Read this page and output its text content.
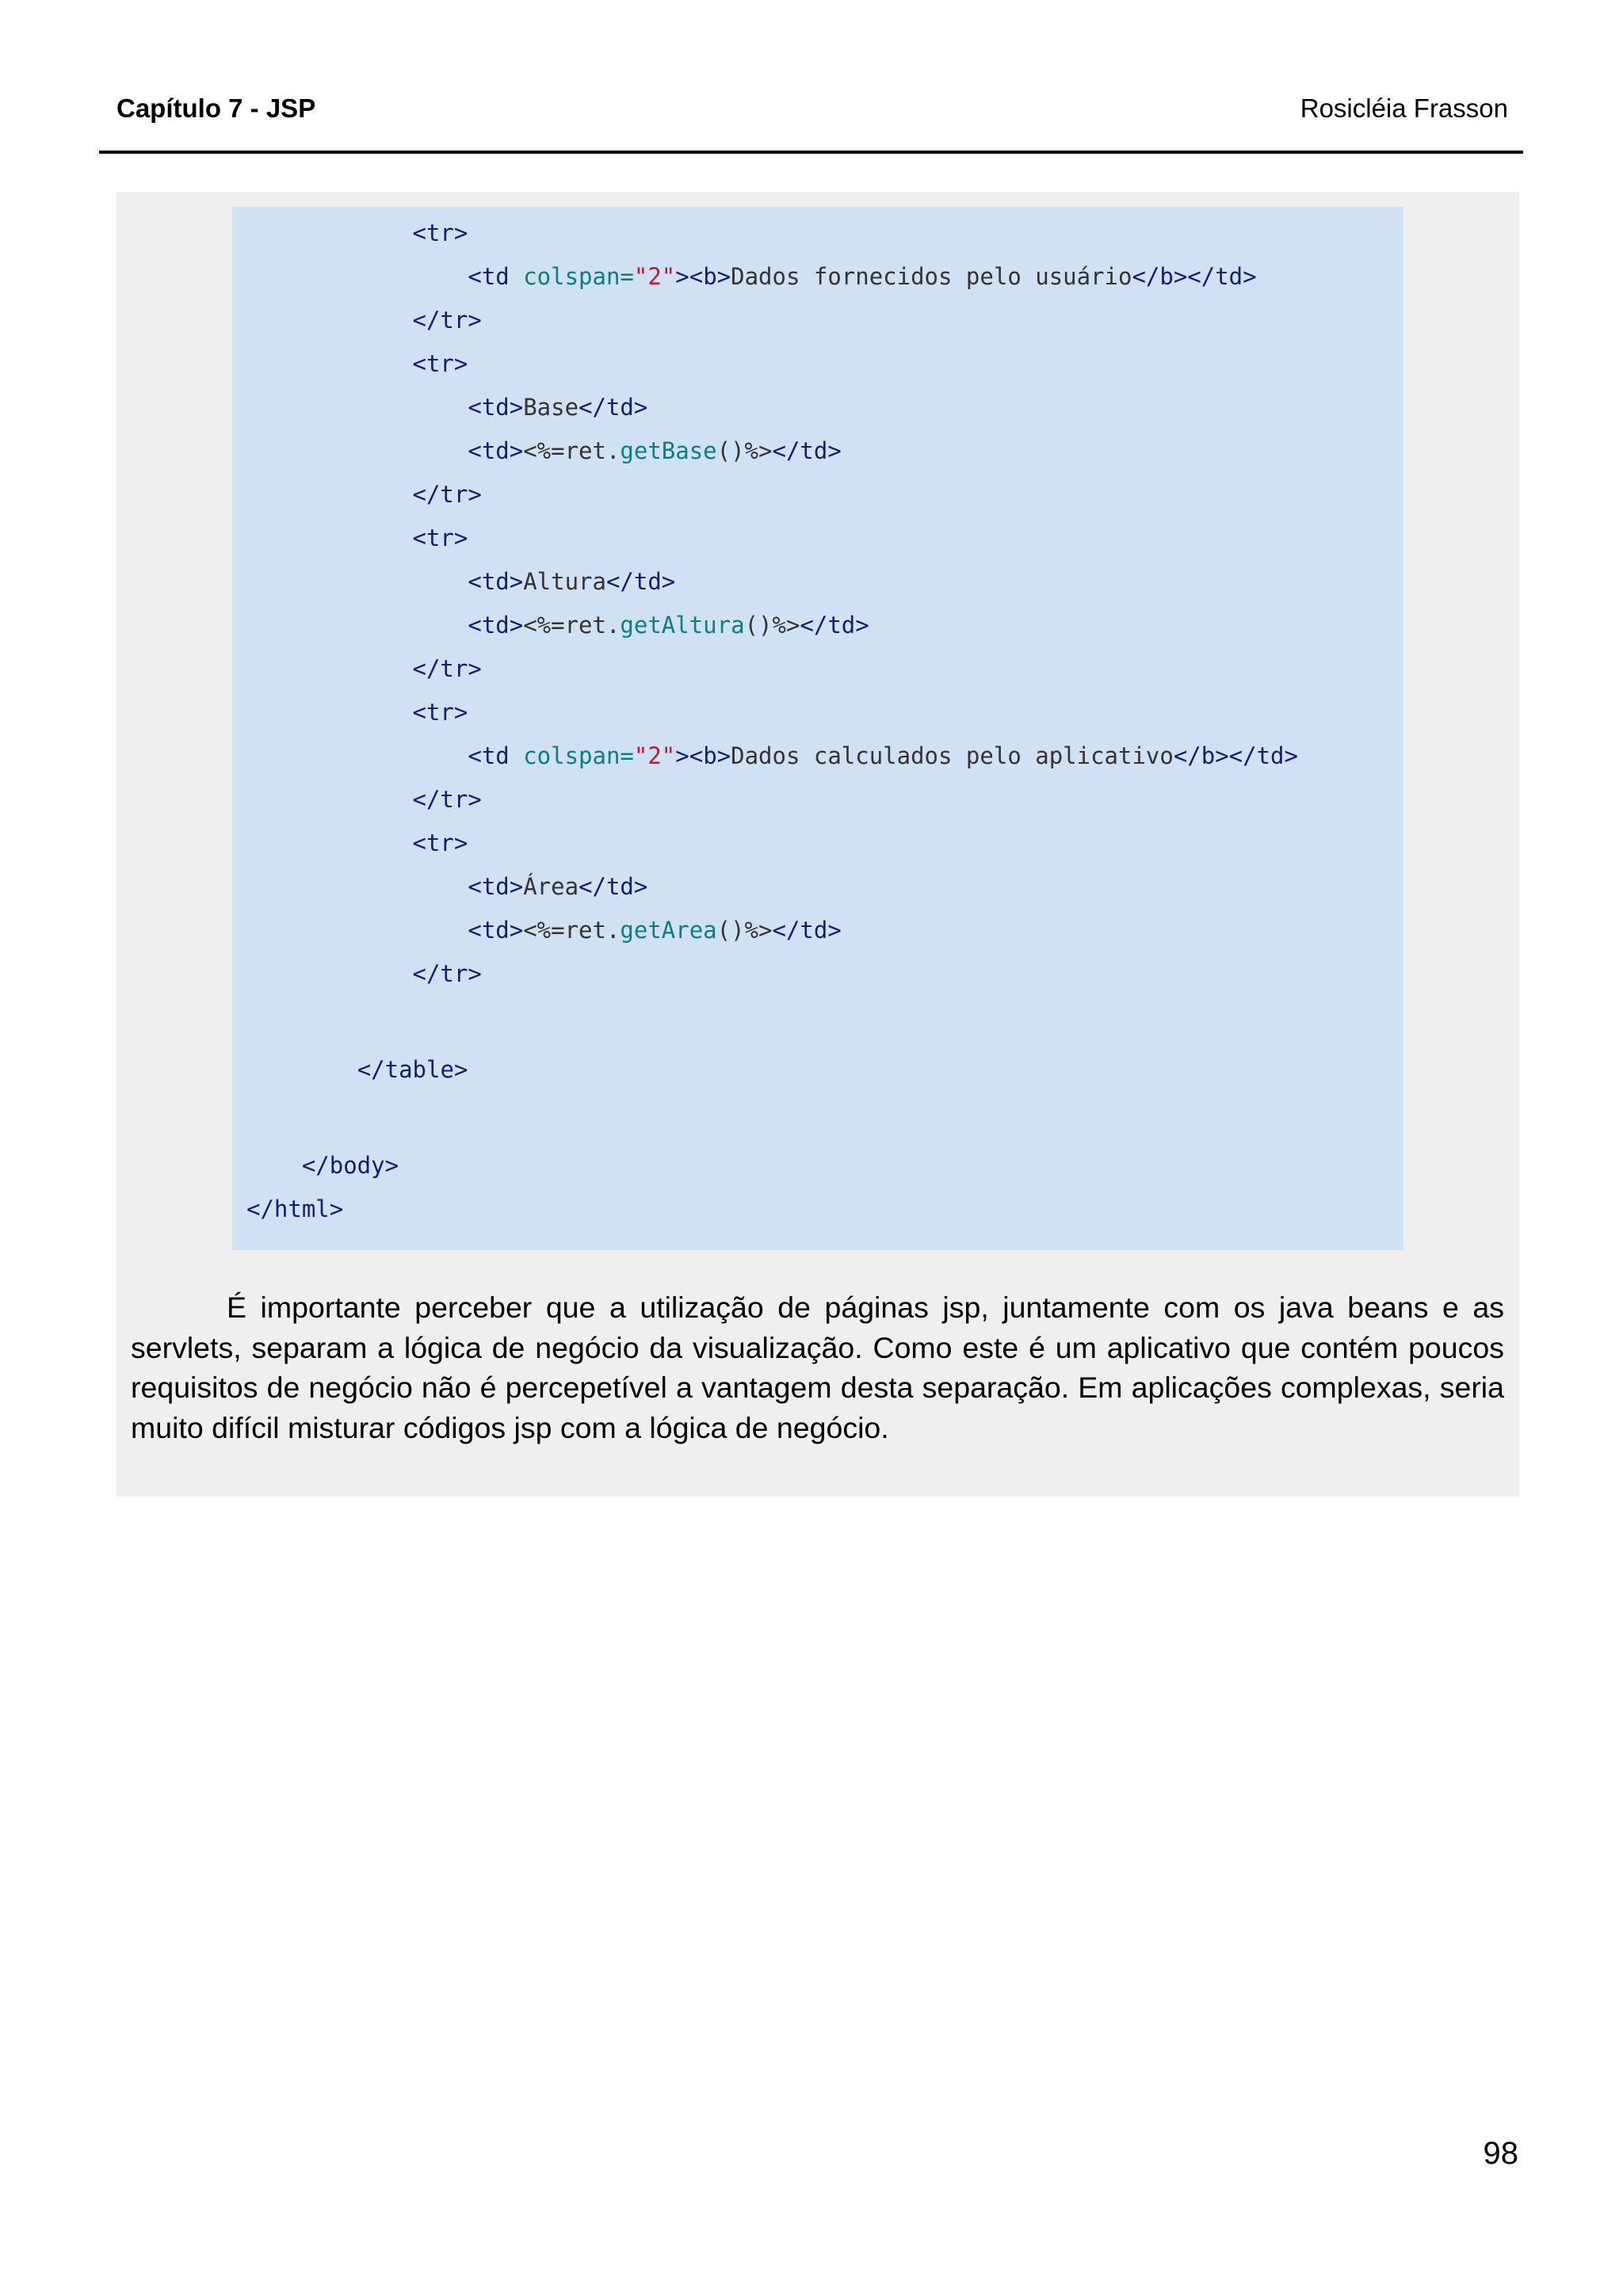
Capítulo 7 - JSP	Rosicléia Frasson
<tr>
<td colspan="2"><b>Dados fornecidos pelo usuário</b></td>
</tr>
<tr>
<td>Base</td>
<td><%=ret.getBase()%></td>
</tr>
<tr>
<td>Altura</td>
<td><%=ret.getAltura()%></td>
</tr>
<tr>
<td colspan="2"><b>Dados calculados pelo aplicativo</b></td>
</tr>
<tr>
<td>Área</td>
<td><%=ret.getArea()%></td>
</tr>
</table>
</body>
</html>
É importante perceber que a utilização de páginas jsp, juntamente com os java beans e as servlets, separam a lógica de negócio da visualização. Como este é um aplicativo que contém poucos requisitos de negócio não é percepetível a vantagem desta separação. Em aplicações complexas, seria muito difícil misturar códigos jsp com a lógica de negócio.
98
